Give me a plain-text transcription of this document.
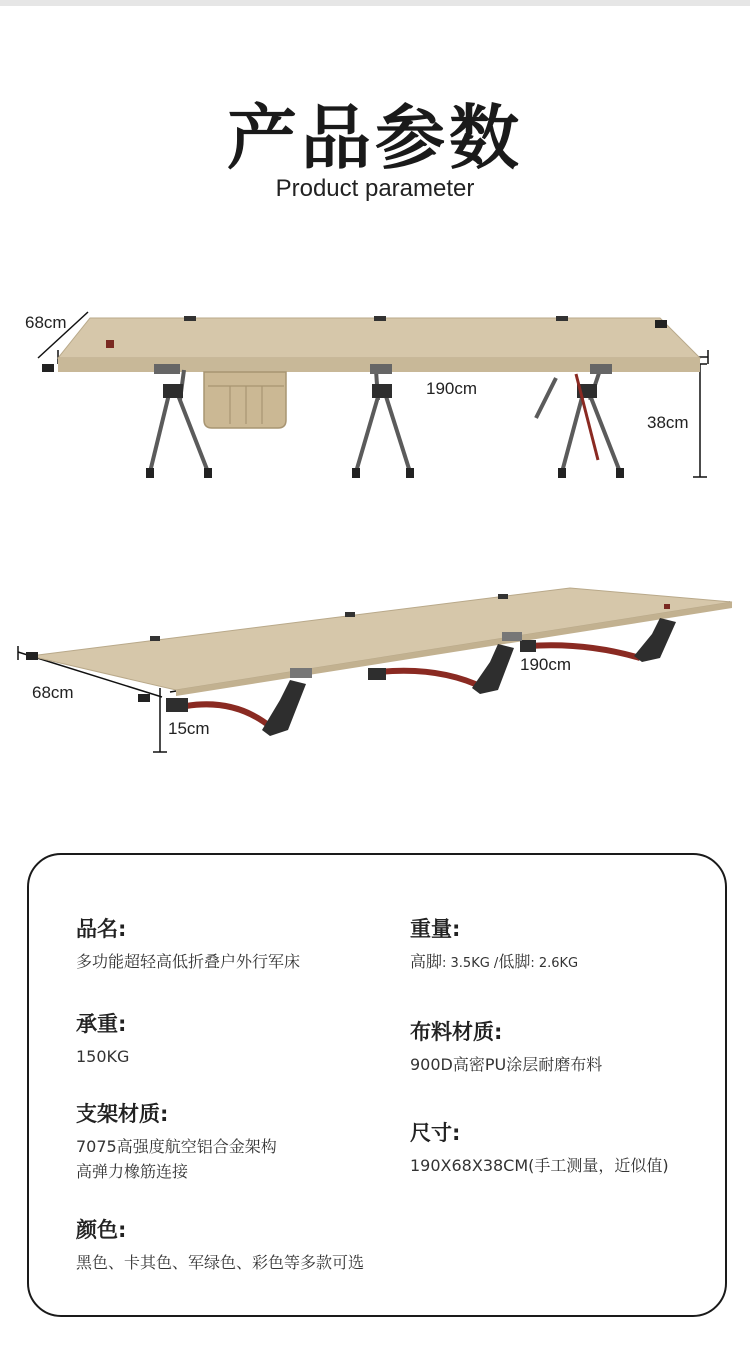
产品参数
Product parameter
68cm
190cm
38cm
68cm
190cm
15cm
品名:
多功能超轻高低折叠户外行军床
重量:
高脚: 3.5KG /低脚: 2.6KG
承重:
150KG
布料材质:
900D高密PU涂层耐磨布料
支架材质:
7075高强度航空铝合金架构
高弹力橡筋连接
尺寸:
190X68X38CM(手工测量，近似值)
颜色:
黑色、卡其色、军绿色、彩色等多款可选
